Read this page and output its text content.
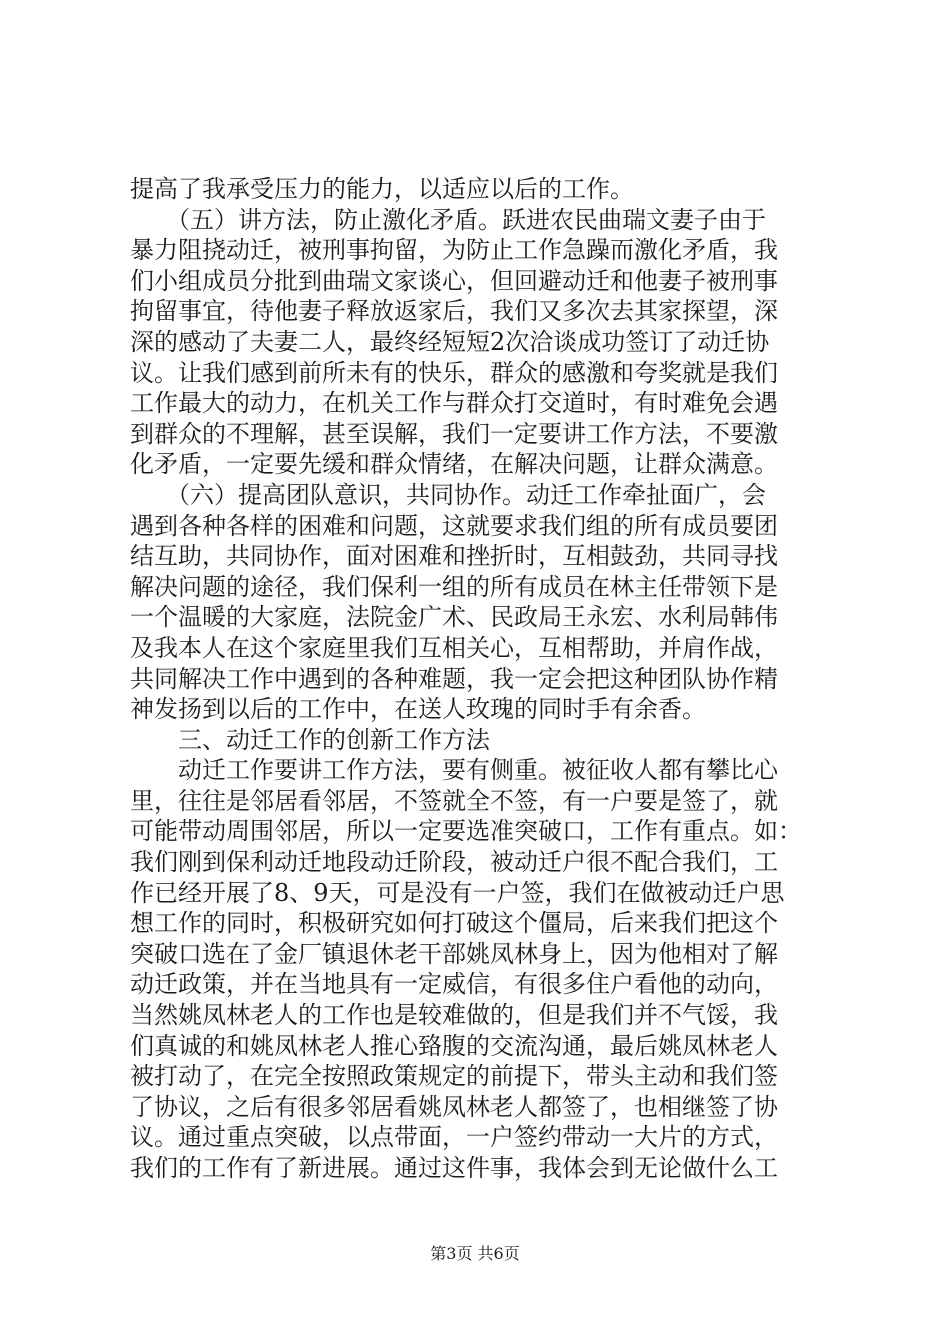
提高了我承受压力的能力，以适应以后的工作。
　　（五）讲方法，防止激化矛盾。跃进农民曲瑞文妻子由于
暴力阻挠动迁，被刑事拘留，为防止工作急躁而激化矛盾，我
们小组成员分批到曲瑞文家谈心，但回避动迁和他妻子被刑事
拘留事宜，待他妻子释放返家后，我们又多次去其家探望，深
深的感动了夫妻二人，最终经短短2次洽谈成功签订了动迁协
议。让我们感到前所未有的快乐，群众的感激和夸奖就是我们
工作最大的动力，在机关工作与群众打交道时，有时难免会遇
到群众的不理解，甚至误解，我们一定要讲工作方法，不要激
化矛盾，一定要先缓和群众情绪，在解决问题，让群众满意。
　　（六）提高团队意识，共同协作。动迁工作牵扯面广，会
遇到各种各样的困难和问题，这就要求我们组的所有成员要团
结互助，共同协作，面对困难和挫折时，互相鼓劲，共同寻找
解决问题的途径，我们保利一组的所有成员在林主任带领下是
一个温暖的大家庭，法院金广术、民政局王永宏、水利局韩伟
及我本人在这个家庭里我们互相关心，互相帮助，并肩作战，
共同解决工作中遇到的各种难题，我一定会把这种团队协作精
神发扬到以后的工作中，在送人玫瑰的同时手有余香。
　　三、动迁工作的创新工作方法
　　动迁工作要讲工作方法，要有侧重。被征收人都有攀比心
里，往往是邻居看邻居，不签就全不签，有一户要是签了，就
可能带动周围邻居，所以一定要选准突破口，工作有重点。如：
我们刚到保利动迁地段动迁阶段，被动迁户很不配合我们，工
作已经开展了8、9天，可是没有一户签，我们在做被动迁户思
想工作的同时，积极研究如何打破这个僵局，后来我们把这个
突破口选在了金厂镇退休老干部姚凤林身上，因为他相对了解
动迁政策，并在当地具有一定威信，有很多住户看他的动向，
当然姚凤林老人的工作也是较难做的，但是我们并不气馁，我
们真诚的和姚凤林老人推心臵腹的交流沟通，最后姚凤林老人
被打动了，在完全按照政策规定的前提下，带头主动和我们签
了协议，之后有很多邻居看姚凤林老人都签了，也相继签了协
议。通过重点突破，以点带面，一户签约带动一大片的方式，
我们的工作有了新进展。通过这件事，我体会到无论做什么工
第3页 共6页
